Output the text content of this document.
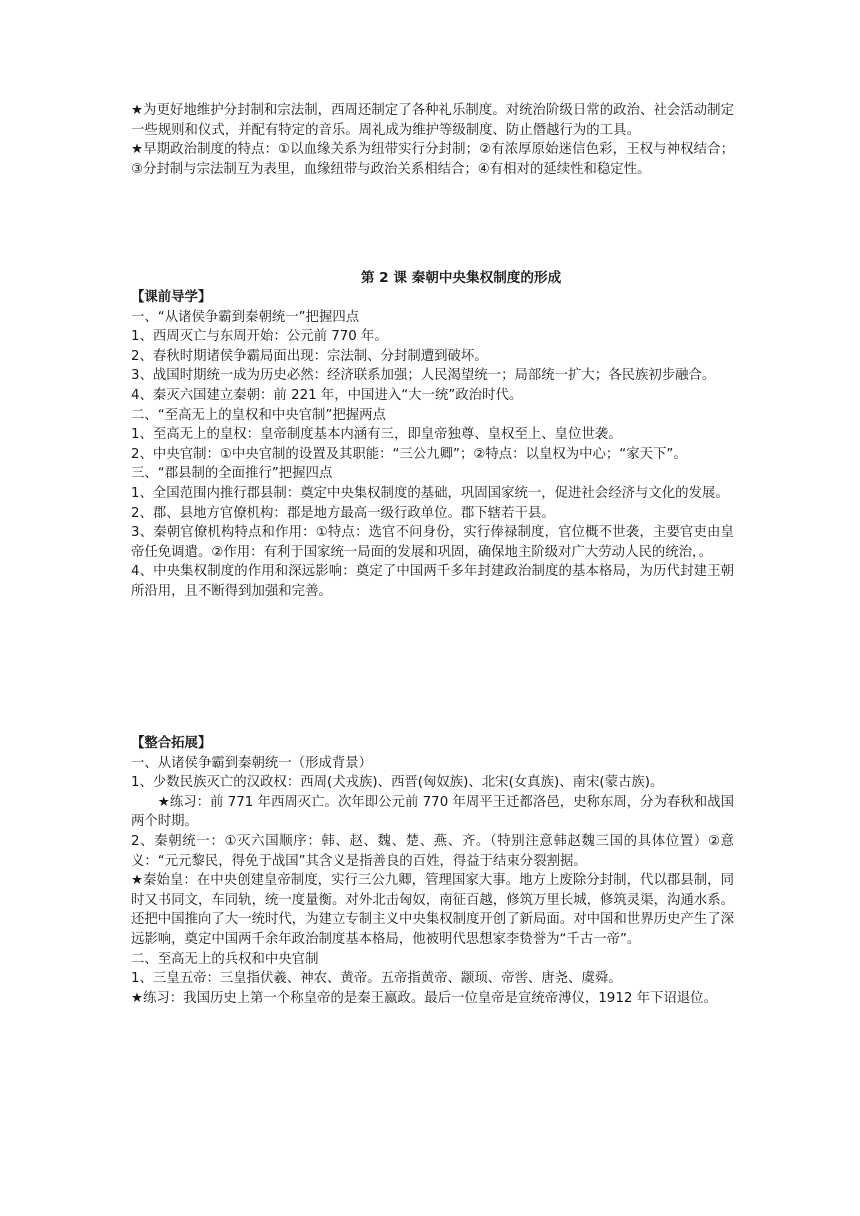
★为更好地维护分封制和宗法制，西周还制定了各种礼乐制度。对统治阶级日常的政治、社会活动制定一些规则和仪式，并配有特定的音乐。周礼成为维护等级制度、防止僭越行为的工具。

★早期政治制度的特点：①以血缘关系为纽带实行分封制；②有浓厚原始迷信色彩，王权与神权结合；③分封制与宗法制互为表里，血缘纽带与政治关系相结合；④有相对的延续性和稳定性。

第 2 课 秦朝中央集权制度的形成

【课前导学】

一、“从诸侯争霸到秦朝统一”把握四点

1、西周灭亡与东周开始：公元前 770 年。

2、春秋时期诸侯争霸局面出现：宗法制、分封制遭到破坏。

3、战国时期统一成为历史必然：经济联系加强；人民渴望统一；局部统一扩大；各民族初步融合。

4、秦灭六国建立秦朝：前 221 年，中国进入“大一统”政治时代。

二、“至高无上的皇权和中央官制”把握两点

1、至高无上的皇权：皇帝制度基本内涵有三，即皇帝独尊、皇权至上、皇位世袭。

2、中央官制：①中央官制的设置及其职能：“三公九卿”；②特点：以皇权为中心；“家天下”。

三、“郡县制的全面推行”把握四点

1、全国范围内推行郡县制：奠定中央集权制度的基础，巩固国家统一，促进社会经济与文化的发展。

2、郡、县地方官僚机构：郡是地方最高一级行政单位。郡下辖若干县。

3、秦朝官僚机构特点和作用：①特点：选官不问身份，实行俸禄制度，官位概不世袭，主要官吏由皇帝任免调遣。②作用：有利于国家统一局面的发展和巩固，确保地主阶级对广大劳动人民的统治，。

4、中央集权制度的作用和深远影响：奠定了中国两千多年封建政治制度的基本格局，为历代封建王朝所沿用，且不断得到加强和完善。

【整合拓展】

一、从诸侯争霸到秦朝统一（形成背景）

1、少数民族灭亡的汉政权：西周(犬戎族)、西晋(匈奴族)、北宋(女真族)、南宋(蒙古族)。

★练习：前 771 年西周灭亡。次年即公元前 770 年周平王迁都洛邑，史称东周，分为春秋和战国两个时期。

2、秦朝统一：①灭六国顺序：韩、赵、魏、楚、燕、齐。（特别注意韩赵魏三国的具体位置）②意义：“元元黎民，得免于战国”其含义是指善良的百姓，得益于结束分裂割据。

★秦始皇：在中央创建皇帝制度，实行三公九卿，管理国家大事。地方上废除分封制，代以郡县制，同时又书同文，车同轨，统一度量衡。对外北击匈奴，南征百越，修筑万里长城，修筑灵渠，沟通水系。还把中国推向了大一统时代，为建立专制主义中央集权制度开创了新局面。对中国和世界历史产生了深远影响，奠定中国两千余年政治制度基本格局，他被明代思想家李贽誉为“千古一帝”。

二、至高无上的兵权和中央官制

1、三皇五帝：三皇指伏羲、神农、黄帝。五帝指黄帝、颛顼、帝喾、唐尧、虞舜。

★练习：我国历史上第一个称皇帝的是秦王嬴政。最后一位皇帝是宣统帝溥仪，1912 年下诏退位。
